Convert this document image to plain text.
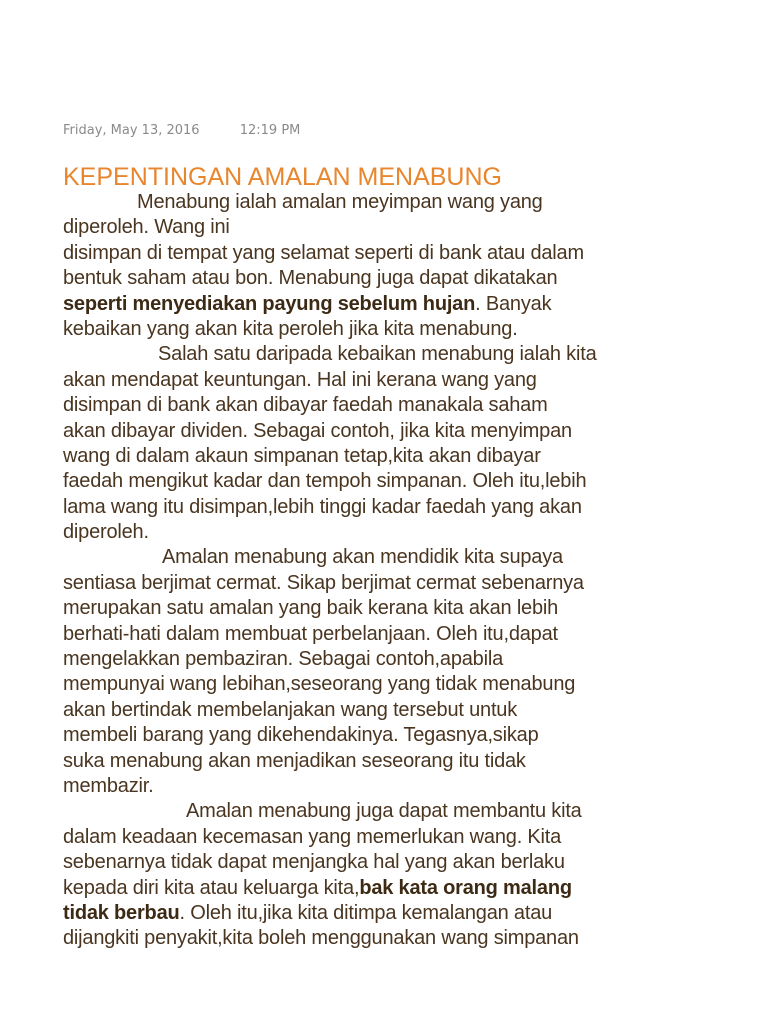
Friday, May 13, 2016	12:19 PM
KEPENTINGAN AMALAN MENABUNG
Menabung ialah amalan meyimpan wang yang
diperoleh. Wang ini
disimpan di tempat yang selamat seperti di bank atau dalam
bentuk saham atau bon. Menabung juga dapat dikatakan
seperti menyediakan payung sebelum hujan. Banyak
kebaikan yang akan kita peroleh jika kita menabung.
Salah satu daripada kebaikan menabung ialah kita
akan mendapat keuntungan. Hal ini kerana wang yang
disimpan di bank akan dibayar faedah manakala saham
akan dibayar dividen. Sebagai contoh, jika kita menyimpan
wang di dalam akaun simpanan tetap,kita akan dibayar
faedah mengikut kadar dan tempoh simpanan. Oleh itu,lebih
lama wang itu disimpan,lebih tinggi kadar faedah yang akan
diperoleh.
Amalan menabung akan mendidik kita supaya
sentiasa berjimat cermat. Sikap berjimat cermat sebenarnya
merupakan satu amalan yang baik kerana kita akan lebih
berhati-hati dalam membuat perbelanjaan. Oleh itu,dapat
mengelakkan pembaziran. Sebagai contoh,apabila
mempunyai wang lebihan,seseorang yang tidak menabung
akan bertindak membelanjakan wang tersebut untuk
membeli barang yang dikehendakinya. Tegasnya,sikap
suka menabung akan menjadikan seseorang itu tidak
membazir.
Amalan menabung juga dapat membantu kita
dalam keadaan kecemasan yang memerlukan wang. Kita
sebenarnya tidak dapat menjangka hal yang akan berlaku
kepada diri kita atau keluarga kita,bak kata orang malang
tidak berbau. Oleh itu,jika kita ditimpa kemalangan atau
dijangkiti penyakit,kita boleh menggunakan wang simpanan
